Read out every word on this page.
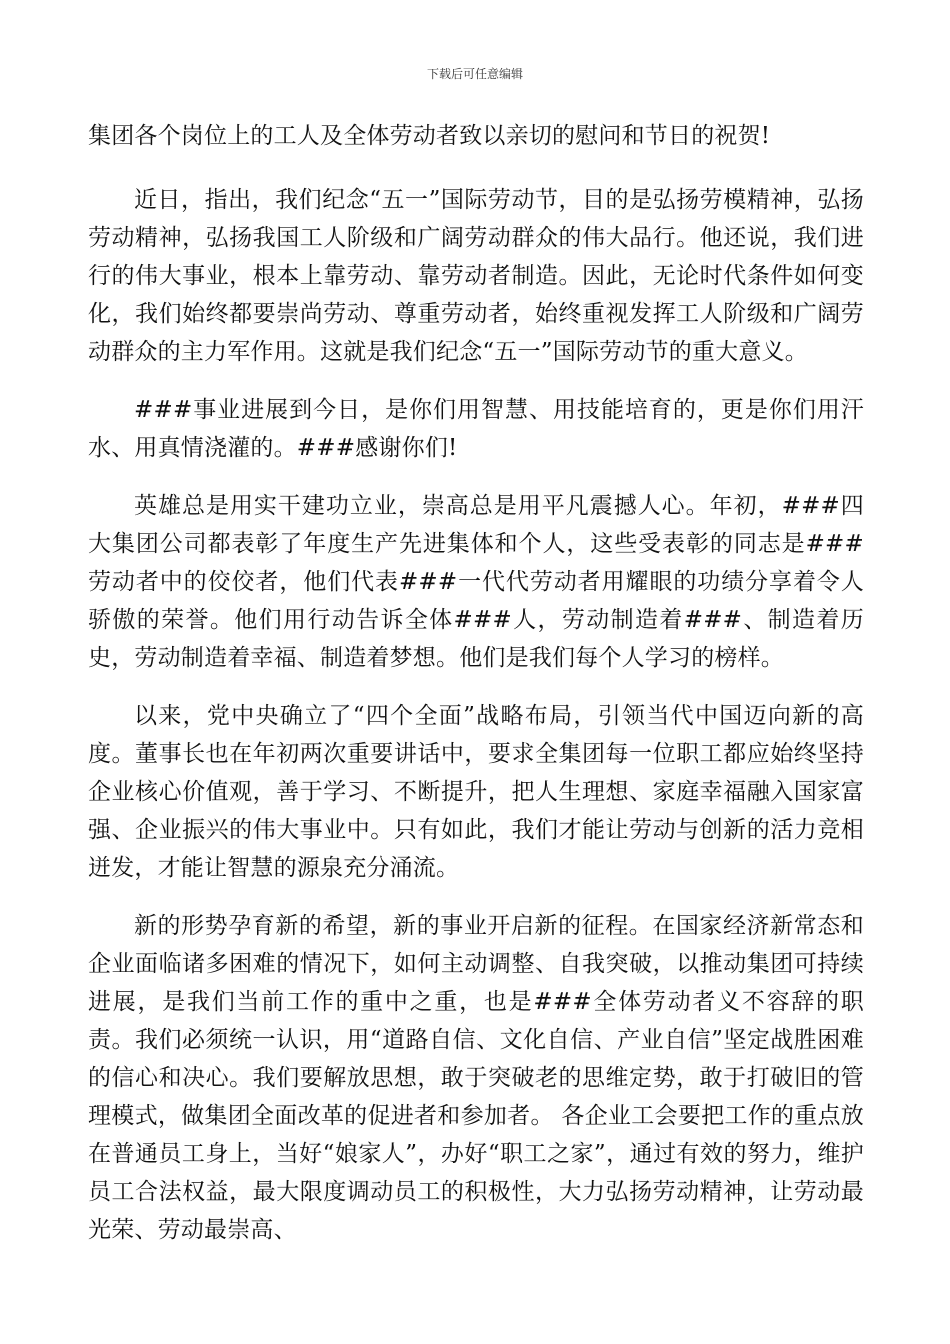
下载后可任意编辑

集团各个岗位上的工人及全体劳动者致以亲切的慰问和节日的祝贺!

近日，指出，我们纪念“五一”国际劳动节，目的是弘扬劳模精神，弘扬劳动精神，弘扬我国工人阶级和广阔劳动群众的伟大品行。他还说，我们进行的伟大事业，根本上靠劳动、靠劳动者制造。因此，无论时代条件如何变化，我们始终都要崇尚劳动、尊重劳动者，始终重视发挥工人阶级和广阔劳动群众的主力军作用。这就是我们纪念“五一”国际劳动节的重大意义。

###事业进展到今日，是你们用智慧、用技能培育的，更是你们用汗水、用真情浇灌的。###感谢你们!

英雄总是用实干建功立业，崇高总是用平凡震撼人心。年初，###四大集团公司都表彰了年度生产先进集体和个人，这些受表彰的同志是###劳动者中的佼佼者，他们代表###一代代劳动者用耀眼的功绩分享着令人骄傲的荣誉。他们用行动告诉全体###人，劳动制造着###、制造着历史，劳动制造着幸福、制造着梦想。他们是我们每个人学习的榜样。

以来，党中央确立了“四个全面”战略布局，引领当代中国迈向新的高度。董事长也在年初两次重要讲话中，要求全集团每一位职工都应始终坚持企业核心价值观，善于学习、不断提升，把人生理想、家庭幸福融入国家富强、企业振兴的伟大事业中。只有如此，我们才能让劳动与创新的活力竞相迸发，才能让智慧的源泉充分涌流。

新的形势孕育新的希望，新的事业开启新的征程。在国家经济新常态和企业面临诸多困难的情况下，如何主动调整、自我突破，以推动集团可持续进展，是我们当前工作的重中之重，也是###全体劳动者义不容辞的职责。我们必须统一认识，用“道路自信、文化自信、产业自信”坚定战胜困难的信心和决心。我们要解放思想，敢于突破老的思维定势，敢于打破旧的管理模式，做集团全面改革的促进者和参加者。 各企业工会要把工作的重点放在普通员工身上，当好“娘家人”，办好“职工之家”，通过有效的努力，维护员工合法权益，最大限度调动员工的积极性，大力弘扬劳动精神，让劳动最光荣、劳动最崇高、
